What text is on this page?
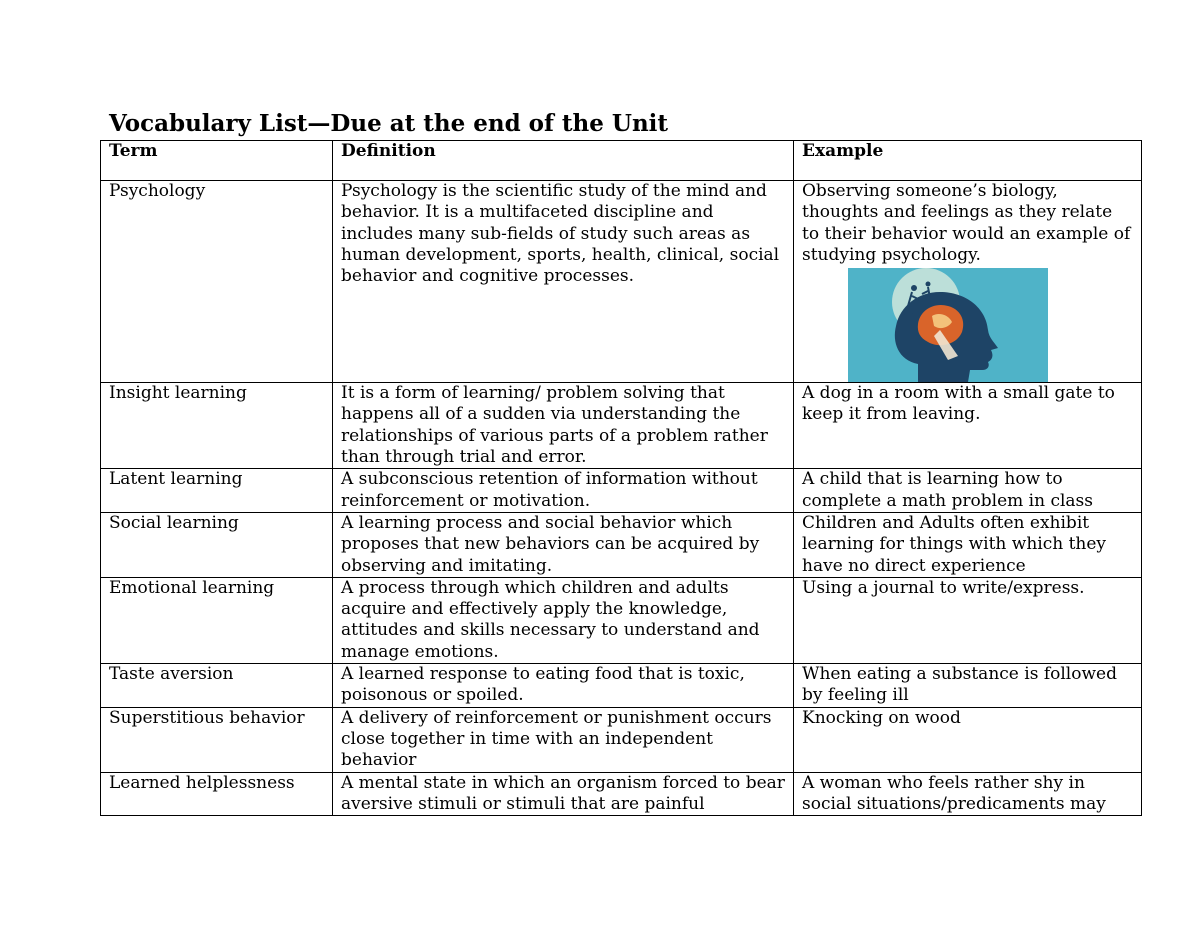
Vocabulary List—Due at the end of the Unit
Term	Definition	Example
Psychology	Psychology is the scientific study of the mind and behavior. It is a multifaceted discipline and includes many sub-fields of study such areas as human development, sports, health, clinical, social behavior and cognitive processes.	Observing someone’s biology, thoughts and feelings as they relate to their behavior would an example of studying psychology.

Insight learning	It is a form of learning/ problem solving that happens all of a sudden via understanding the relationships of various parts of a problem rather than through trial and error.	A dog in a room with a small gate to keep it from leaving.
Latent learning	A subconscious retention of information without reinforcement or motivation.	A child that is learning how to complete a math problem in class
Social learning	A learning process and social behavior which proposes that new behaviors can be acquired by observing and imitating.	Children and Adults often exhibit learning for things with which they have no direct experience
Emotional learning	A process through which children and adults acquire and effectively apply the knowledge, attitudes and skills necessary to understand and manage emotions.	Using a journal to write/express.
Taste aversion	A learned response to eating food that is toxic, poisonous or spoiled.	When eating a substance is followed by feeling ill
Superstitious behavior	A delivery of reinforcement or punishment occurs close together in time with an independent behavior	Knocking on wood
Learned helplessness	A mental state in which an organism forced to bear aversive stimuli or stimuli that are painful	A woman who feels rather shy in social situations/predicaments may
